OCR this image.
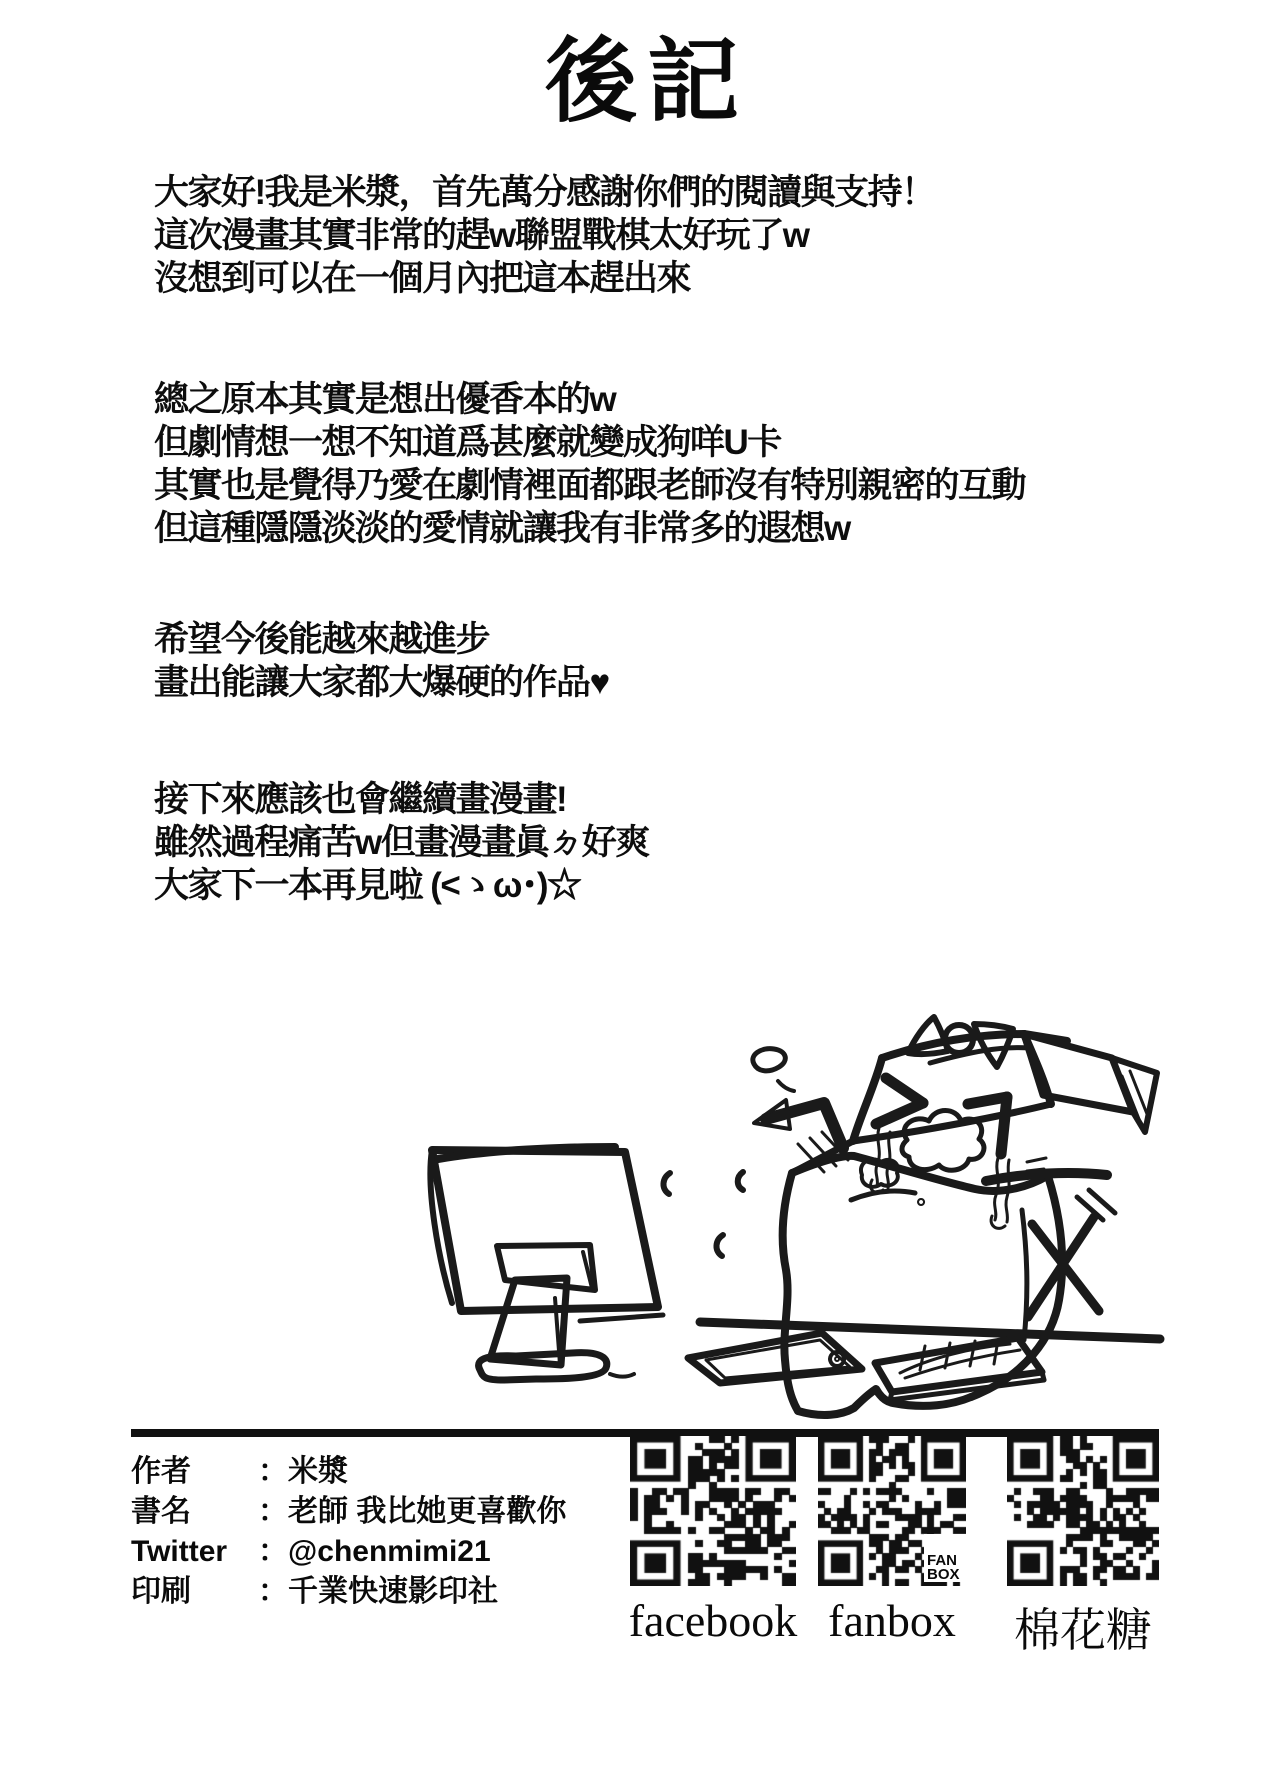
後記

大家好!我是米漿，首先萬分感謝你們的閱讀與支持！
這次漫畫其實非常的趕w聯盟戰棋太好玩了w
沒想到可以在一個月內把這本趕出來

總之原本其實是想出優香本的w
但劇情想一想不知道爲甚麼就變成狗咩U卡
其實也是覺得乃愛在劇情裡面都跟老師沒有特別親密的互動
但這種隱隱淡淡的愛情就讓我有非常多的遐想w

希望今後能越來越進步
畫出能讓大家都大爆硬的作品♥

接下來應該也會繼續畫漫畫!
雖然過程痛苦w但畫漫畫眞ㄉ好爽
大家下一本再見啦 (<ゝω･)☆

作者	： 米漿
書名	： 老師 我比她更喜歡你
Twitter	： @chenmimi21
印刷	： 千業快速影印社
facebook
FAN
BOX
fanbox 棉花糖
